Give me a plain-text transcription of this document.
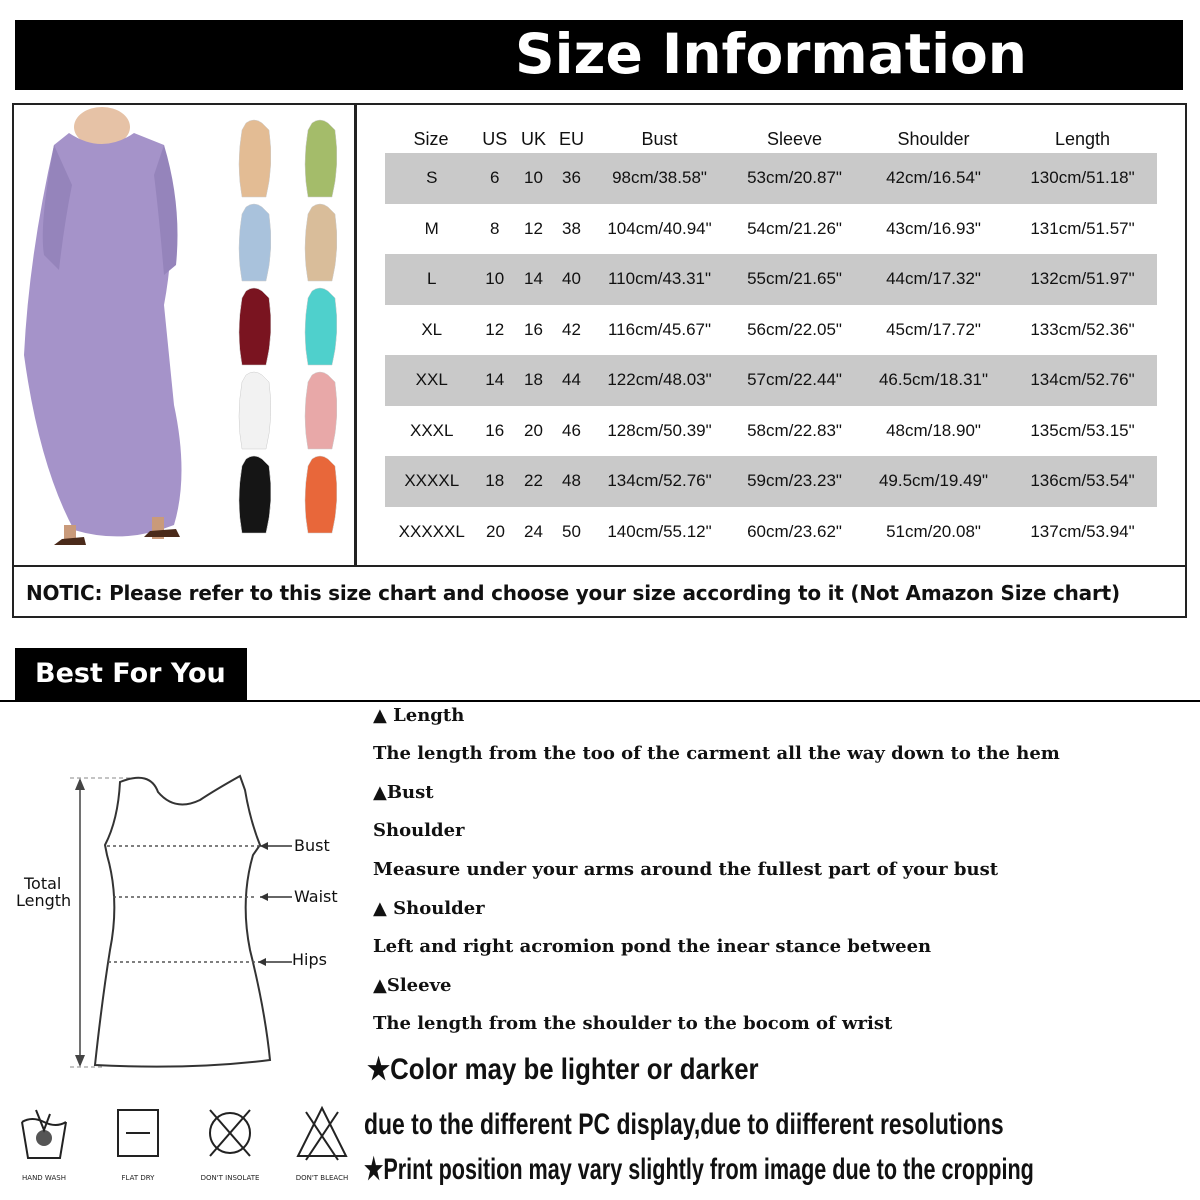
Size Information
Size	US	UK	EU	Bust	Sleeve	Shoulder	Length
S	6	10	36	98cm/38.58"	53cm/20.87"	42cm/16.54"	130cm/51.18"
M	8	12	38	104cm/40.94"	54cm/21.26"	43cm/16.93"	131cm/51.57"
L	10	14	40	110cm/43.31"	55cm/21.65"	44cm/17.32"	132cm/51.97"
XL	12	16	42	116cm/45.67"	56cm/22.05"	45cm/17.72"	133cm/52.36"
XXL	14	18	44	122cm/48.03"	57cm/22.44"	46.5cm/18.31"	134cm/52.76"
XXXL	16	20	46	128cm/50.39"	58cm/22.83"	48cm/18.90"	135cm/53.15"
XXXXL	18	22	48	134cm/52.76"	59cm/23.23"	49.5cm/19.49"	136cm/53.54"
XXXXXL	20	24	50	140cm/55.12"	60cm/23.62"	51cm/20.08"	137cm/53.94"
NOTIC: Please refer to this size chart and choose your size according to it (Not Amazon Size chart)
Best For You
Total
Length
Bust
Waist
Hips
▲ Length
The length from the too of the carment all the way down to the hem
▲Bust
Shoulder
Measure under your arms around the fullest part of your bust
▲ Shoulder
Left and right acromion pond the inear stance between
▲Sleeve
The length from the shoulder to the bocom of wrist
★Color may be lighter or darker
due to the different PC display,due to diifferent resolutions
★Print position may vary slightly from image due to the cropping
HAND WASH	FLAT DRY	DON'T INSOLATE	DON'T BLEACH
